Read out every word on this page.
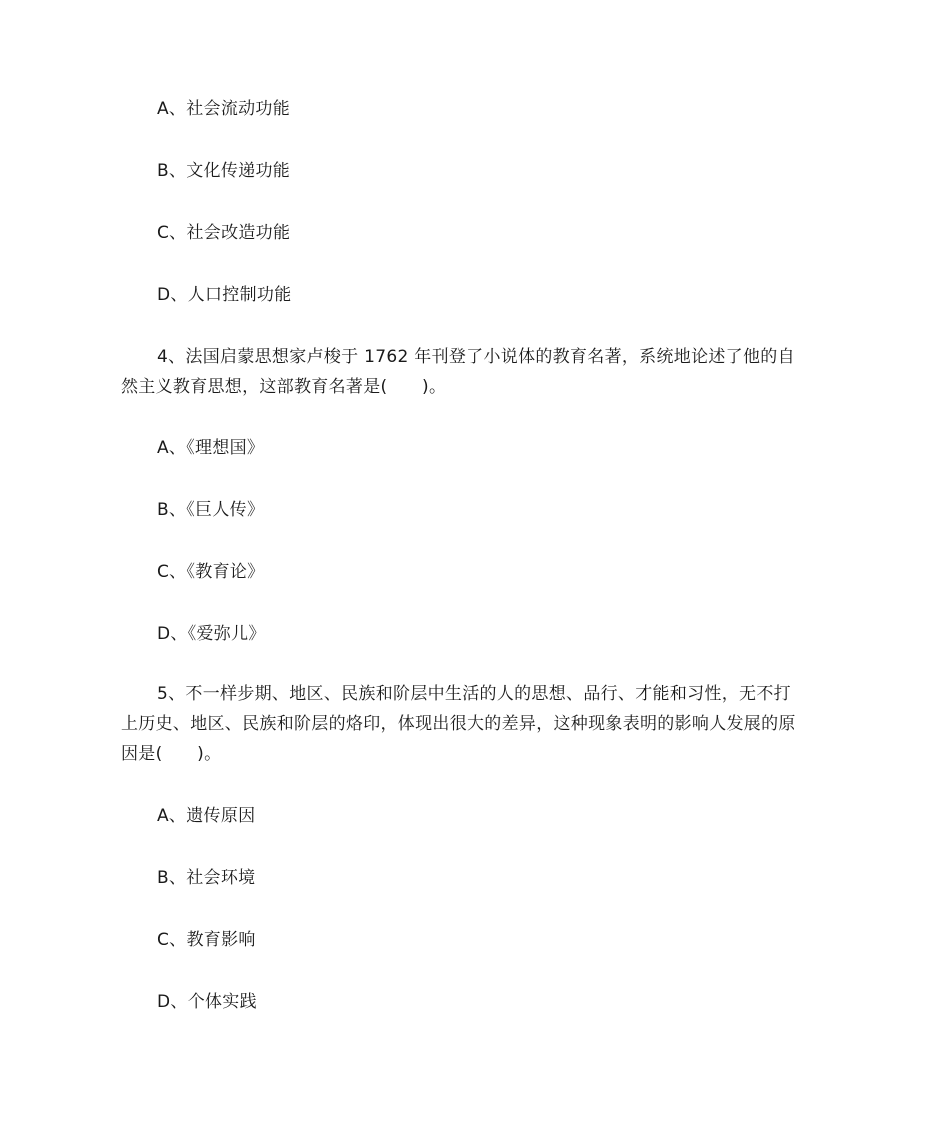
A、社会流动功能
B、文化传递功能
C、社会改造功能
D、人口控制功能
4、法国启蒙思想家卢梭于 1762 年刊登了小说体的教育名著，系统地论述了他的自
然主义教育思想，这部教育名著是(　　)。
A、《理想国》
B、《巨人传》
C、《教育论》
D、《爱弥儿》
5、不一样步期、地区、民族和阶层中生活的人的思想、品行、才能和习性，无不打
上历史、地区、民族和阶层的烙印，体现出很大的差异，这种现象表明的影响人发展的原
因是(　　)。
A、遗传原因
B、社会环境
C、教育影响
D、个体实践
